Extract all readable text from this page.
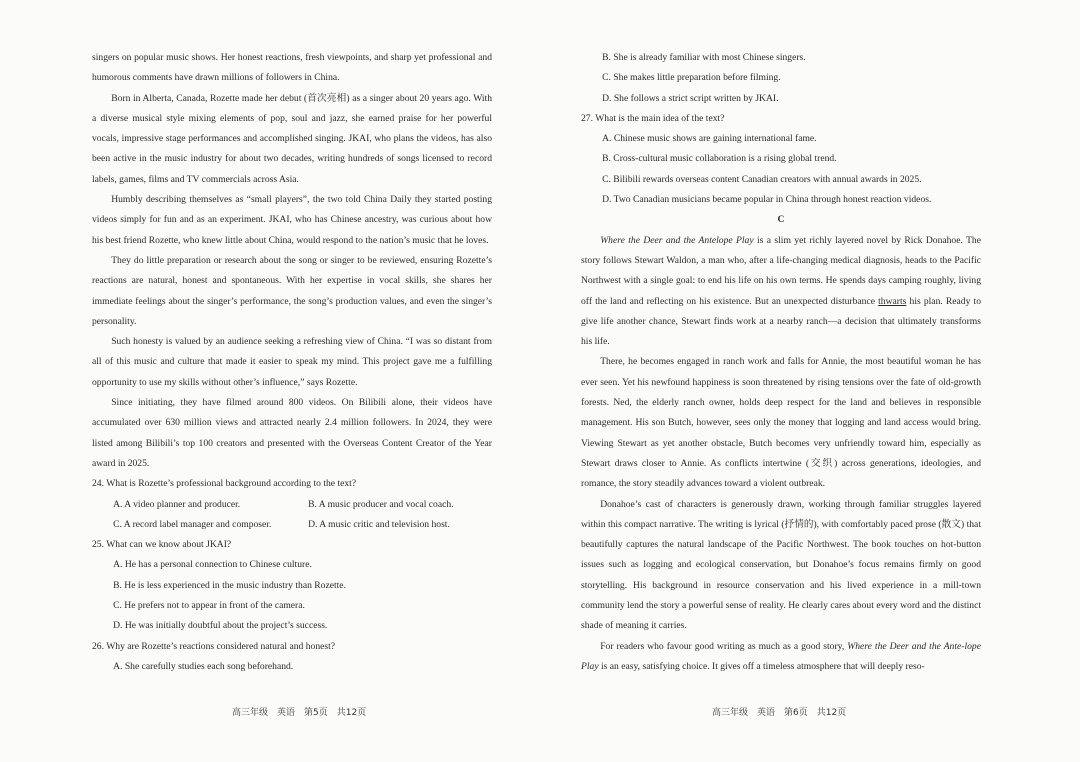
singers on popular music shows. Her honest reactions, fresh viewpoints, and sharp yet professional and humorous comments have drawn millions of followers in China.

Born in Alberta, Canada, Rozette made her debut (首次亮相) as a singer about 20 years ago. With a diverse musical style mixing elements of pop, soul and jazz, she earned praise for her powerful vocals, impressive stage performances and accomplished singing. JKAI, who plans the videos, has also been active in the music industry for about two decades, writing hundreds of songs licensed to record labels, games, films and TV commercials across Asia.

Humbly describing themselves as “small players”, the two told China Daily they started posting videos simply for fun and as an experiment. JKAI, who has Chinese ancestry, was curious about how his best friend Rozette, who knew little about China, would respond to the nation’s music that he loves.

They do little preparation or research about the song or singer to be reviewed, ensuring Rozette’s reactions are natural, honest and spontaneous. With her expertise in vocal skills, she shares her immediate feelings about the singer’s performance, the song’s production values, and even the singer’s personality.

Such honesty is valued by an audience seeking a refreshing view of China. “I was so distant from all of this music and culture that made it easier to speak my mind. This project gave me a fulfilling opportunity to use my skills without other’s influence,” says Rozette.

Since initiating, they have filmed around 800 videos. On Bilibili alone, their videos have accumulated over 630 million views and attracted nearly 2.4 million followers. In 2024, they were listed among Bilibili’s top 100 creators and presented with the Overseas Content Creator of the Year award in 2025.

24. What is Rozette’s professional background according to the text?

A. A video planner and producer.	B. A music producer and vocal coach.
C. A record label manager and composer.	D. A music critic and television host.

25. What can we know about JKAI?

A. He has a personal connection to Chinese culture.

B. He is less experienced in the music industry than Rozette.

C. He prefers not to appear in front of the camera.

D. He was initially doubtful about the project’s success.

26. Why are Rozette’s reactions considered natural and honest?

A. She carefully studies each song beforehand.

B. She is already familiar with most Chinese singers.

C. She makes little preparation before filming.

D. She follows a strict script written by JKAI.

27. What is the main idea of the text?

A. Chinese music shows are gaining international fame.

B. Cross-cultural music collaboration is a rising global trend.

C. Bilibili rewards overseas content Canadian creators with annual awards in 2025.

D. Two Canadian musicians became popular in China through honest reaction videos.

C

Where the Deer and the Antelope Play is a slim yet richly layered novel by Rick Donahoe. The story follows Stewart Waldon, a man who, after a life-changing medical diagnosis, heads to the Pacific Northwest with a single goal: to end his life on his own terms. He spends days camping roughly, living off the land and reflecting on his existence. But an unexpected disturbance thwarts his plan. Ready to give life another chance, Stewart finds work at a nearby ranch—a decision that ultimately transforms his life.

There, he becomes engaged in ranch work and falls for Annie, the most beautiful woman he has ever seen. Yet his newfound happiness is soon threatened by rising tensions over the fate of old-growth forests. Ned, the elderly ranch owner, holds deep respect for the land and believes in responsible management. His son Butch, however, sees only the money that logging and land access would bring. Viewing Stewart as yet another obstacle, Butch becomes very unfriendly toward him, especially as Stewart draws closer to Annie. As conflicts intertwine (交织) across generations, ideologies, and romance, the story steadily advances toward a violent outbreak.

Donahoe’s cast of characters is generously drawn, working through familiar struggles layered within this compact narrative. The writing is lyrical (抒情的), with comfortably paced prose (散文) that beautifully captures the natural landscape of the Pacific Northwest. The book touches on hot-button issues such as logging and ecological conservation, but Donahoe’s focus remains firmly on good storytelling. His background in resource conservation and his lived experience in a mill-town community lend the story a powerful sense of reality. He clearly cares about every word and the distinct shade of meaning it carries.

For readers who favour good writing as much as a good story, Where the Deer and the Ante-lope Play is an easy, satisfying choice. It gives off a timeless atmosphere that will deeply reso-

高三年级　英语　第5页　共12页	高三年级　英语　第6页　共12页
